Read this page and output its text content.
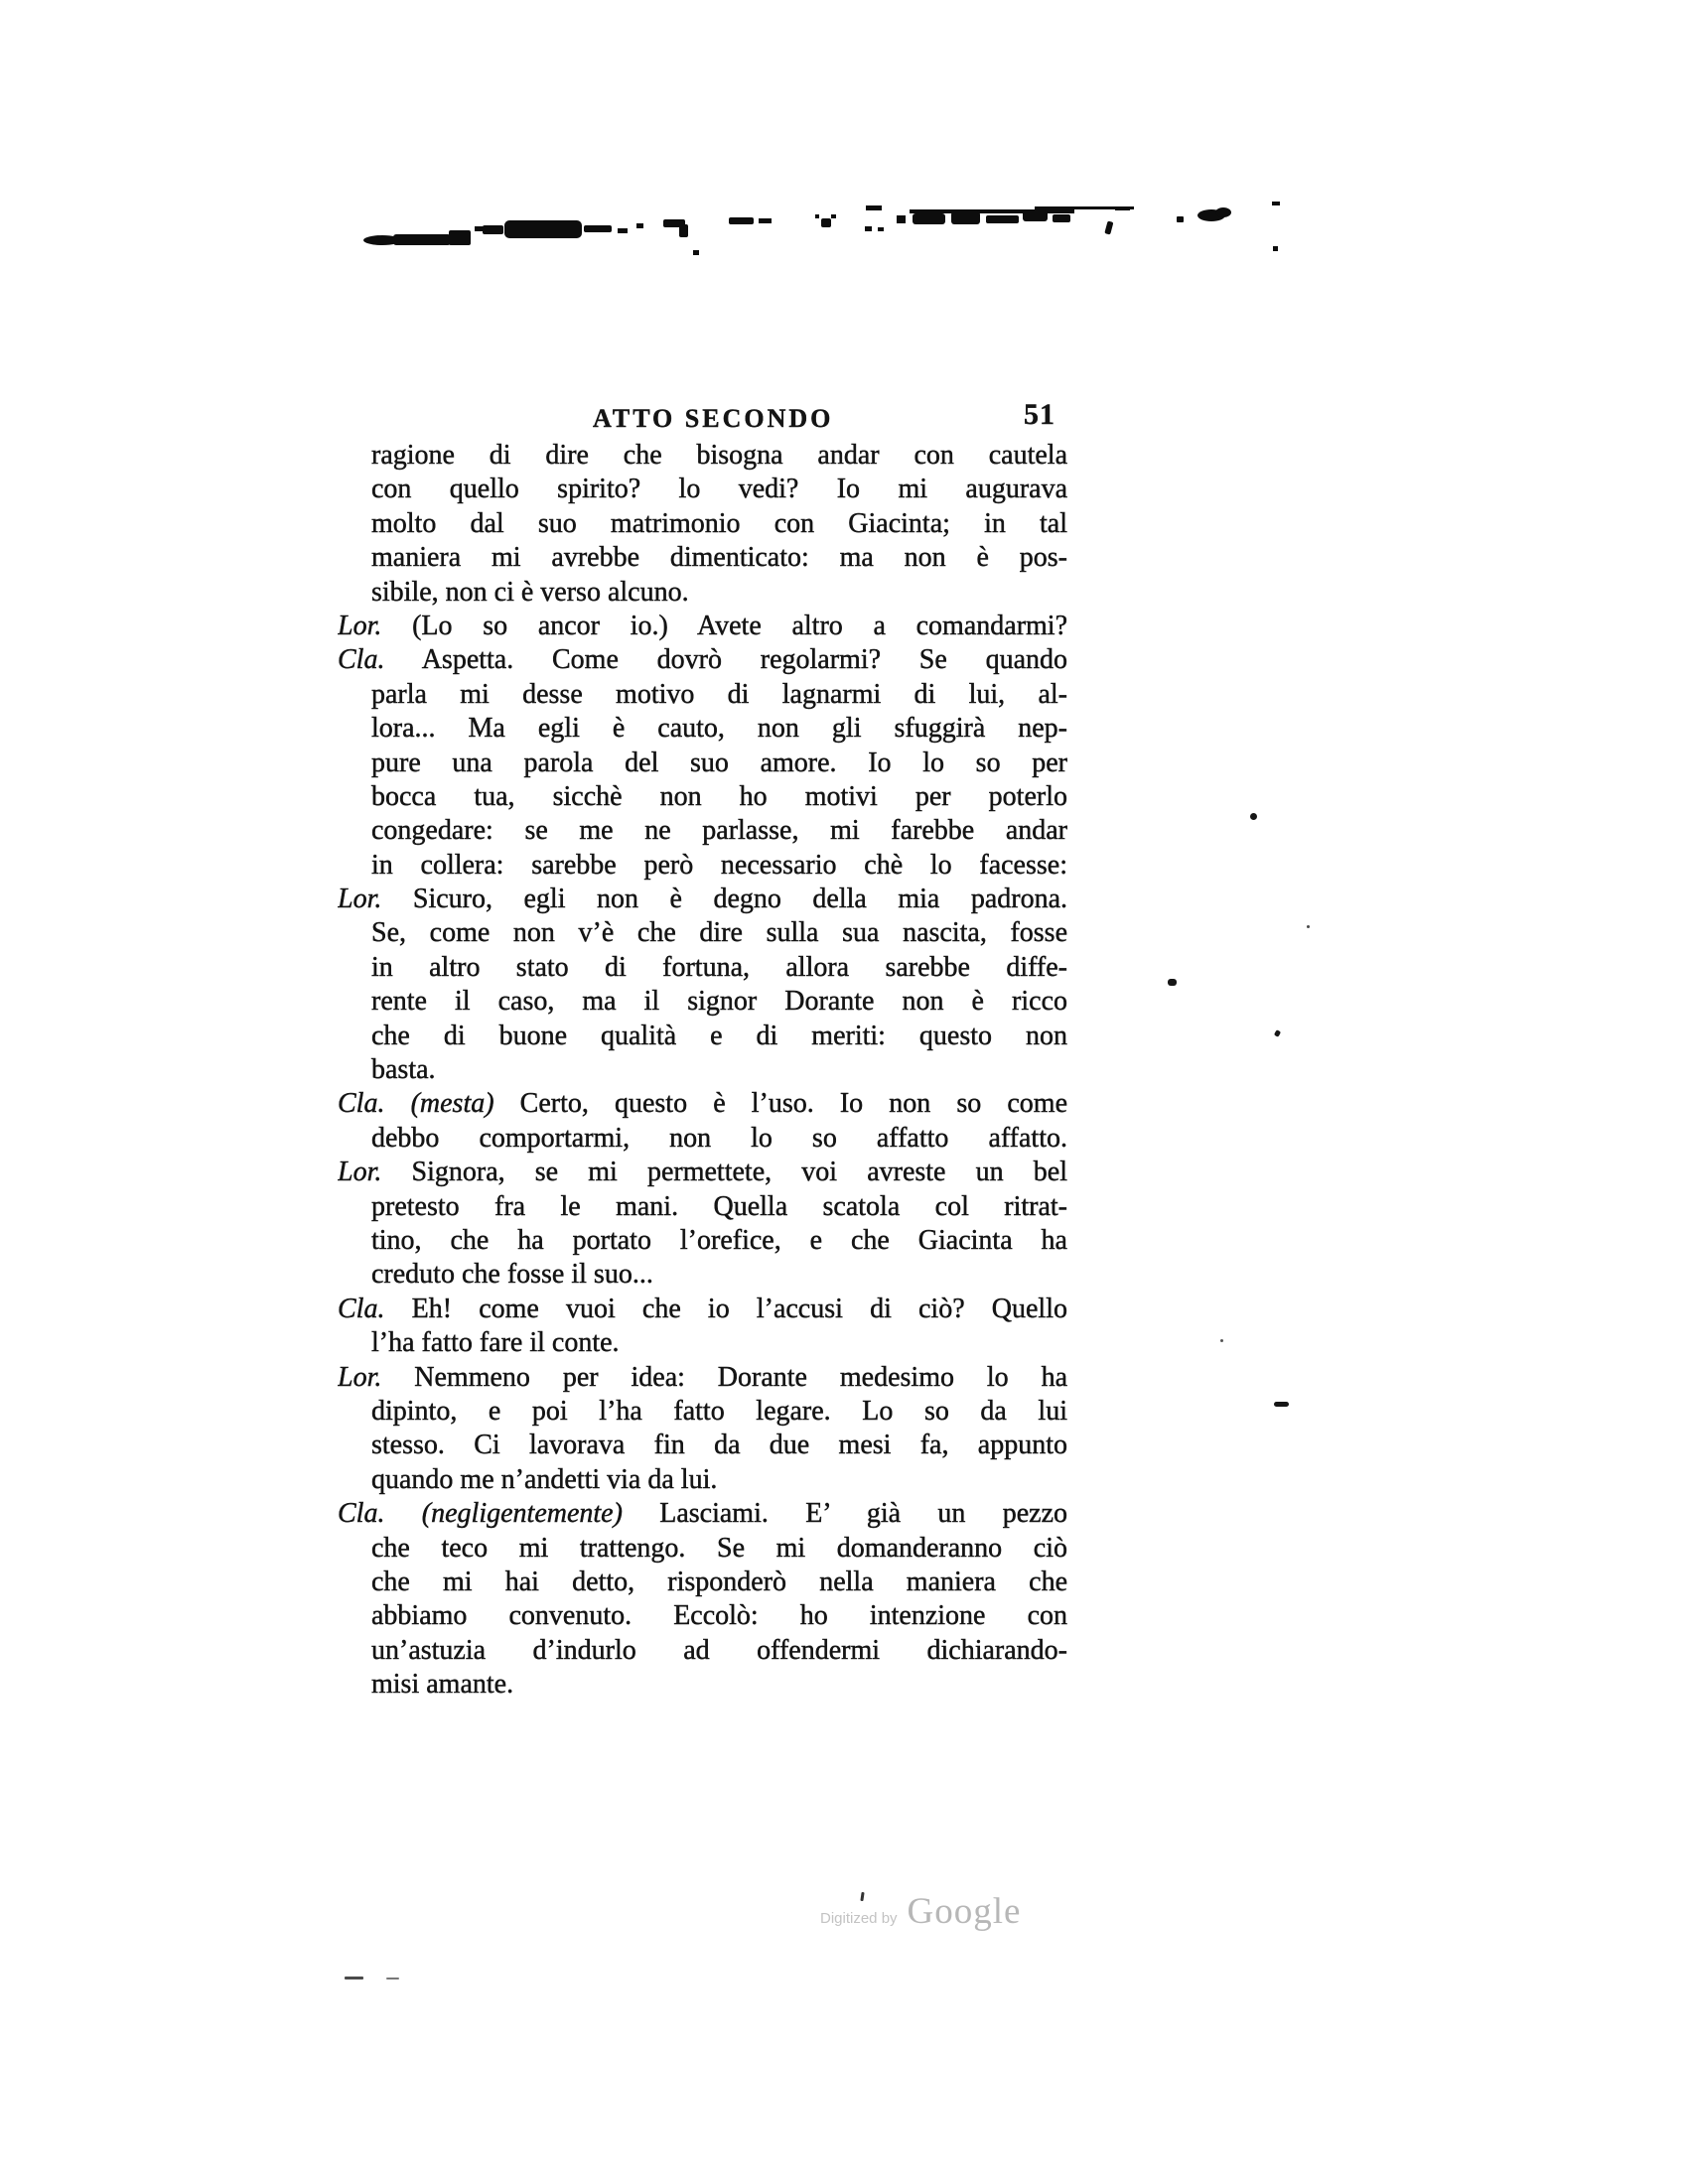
ATTO SECONDO	51
ragione di dire che bisogna andar con cautela
con quello spirito? lo vedi? Io mi augurava
molto dal suo matrimonio con Giacinta; in tal
maniera mi avrebbe dimenticato: ma non è pos-
sibile, non ci è verso alcuno.
Lor. (Lo so ancor io.) Avete altro a comandarmi?
Cla. Aspetta. Come dovrò regolarmi? Se quando
parla mi desse motivo di lagnarmi di lui, al-
lora... Ma egli è cauto, non gli sfuggirà nep-
pure una parola del suo amore. Io lo so per
bocca tua, sicchè non ho motivi per poterlo
congedare: se me ne parlasse, mi farebbe andar
in collera: sarebbe però necessario chè lo facesse:
Lor. Sicuro, egli non è degno della mia padrona.
Se, come non v’è che dire sulla sua nascita, fosse
in altro stato di fortuna, allora sarebbe diffe-
rente il caso, ma il signor Dorante non è ricco
che di buone qualità e di meriti: questo non
basta.
Cla. (mesta) Certo, questo è l’uso. Io non so come
debbo comportarmi, non lo so affatto affatto.
Lor. Signora, se mi permettete, voi avreste un bel
pretesto fra le mani. Quella scatola col ritrat-
tino, che ha portato l’orefice, e che Giacinta ha
creduto che fosse il suo...
Cla. Eh! come vuoi che io l’accusi di ciò? Quello
l’ha fatto fare il conte.
Lor. Nemmeno per idea: Dorante medesimo lo ha
dipinto, e poi l’ha fatto legare. Lo so da lui
stesso. Ci lavorava fin da due mesi fa, appunto
quando me n’andetti via da lui.
Cla. (negligentemente) Lasciami. E’ già un pezzo
che teco mi trattengo. Se mi domanderanno ciò
che mi hai detto, risponderò nella maniera che
abbiamo convenuto. Eccolò: ho intenzione con
un’astuzia d’indurlo ad offendermi dichiarando-
misi amante.
Digitized by Google
